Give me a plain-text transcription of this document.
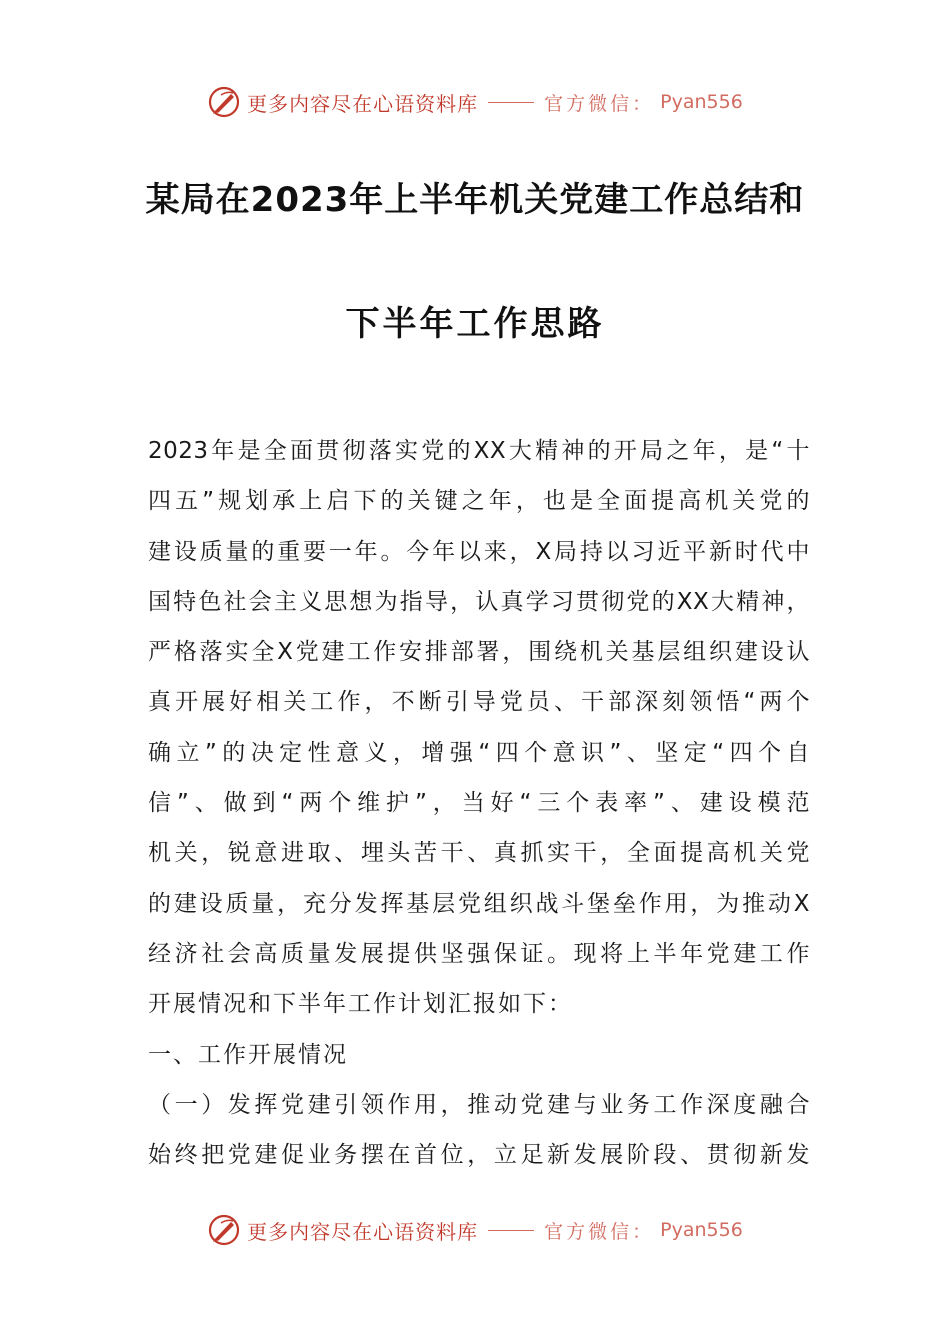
更多内容尽在心语资料库	官方微信： Pyan556
某局在2023年上半年机关党建工作总结和
下半年工作思路
2023年是全面贯彻落实党的XX大精神的开局之年，是“十
四五”规划承上启下的关键之年，也是全面提高机关党的
建设质量的重要一年。今年以来，X局持以习近平新时代中
国特色社会主义思想为指导，认真学习贯彻党的XX大精神，
严格落实全X党建工作安排部署，围绕机关基层组织建设认
真开展好相关工作，不断引导党员、干部深刻领悟“两个
确立”的决定性意义，增强“四个意识”、坚定“四个自
信”、做到“两个维护”，当好“三个表率”、建设模范
机关，锐意进取、埋头苦干、真抓实干，全面提高机关党
的建设质量，充分发挥基层党组织战斗堡垒作用，为推动X
经济社会高质量发展提供坚强保证。现将上半年党建工作
开展情况和下半年工作计划汇报如下：
一、工作开展情况
（一）发挥党建引领作用，推动党建与业务工作深度融合
始终把党建促业务摆在首位，立足新发展阶段、贯彻新发
更多内容尽在心语资料库	官方微信： Pyan556
